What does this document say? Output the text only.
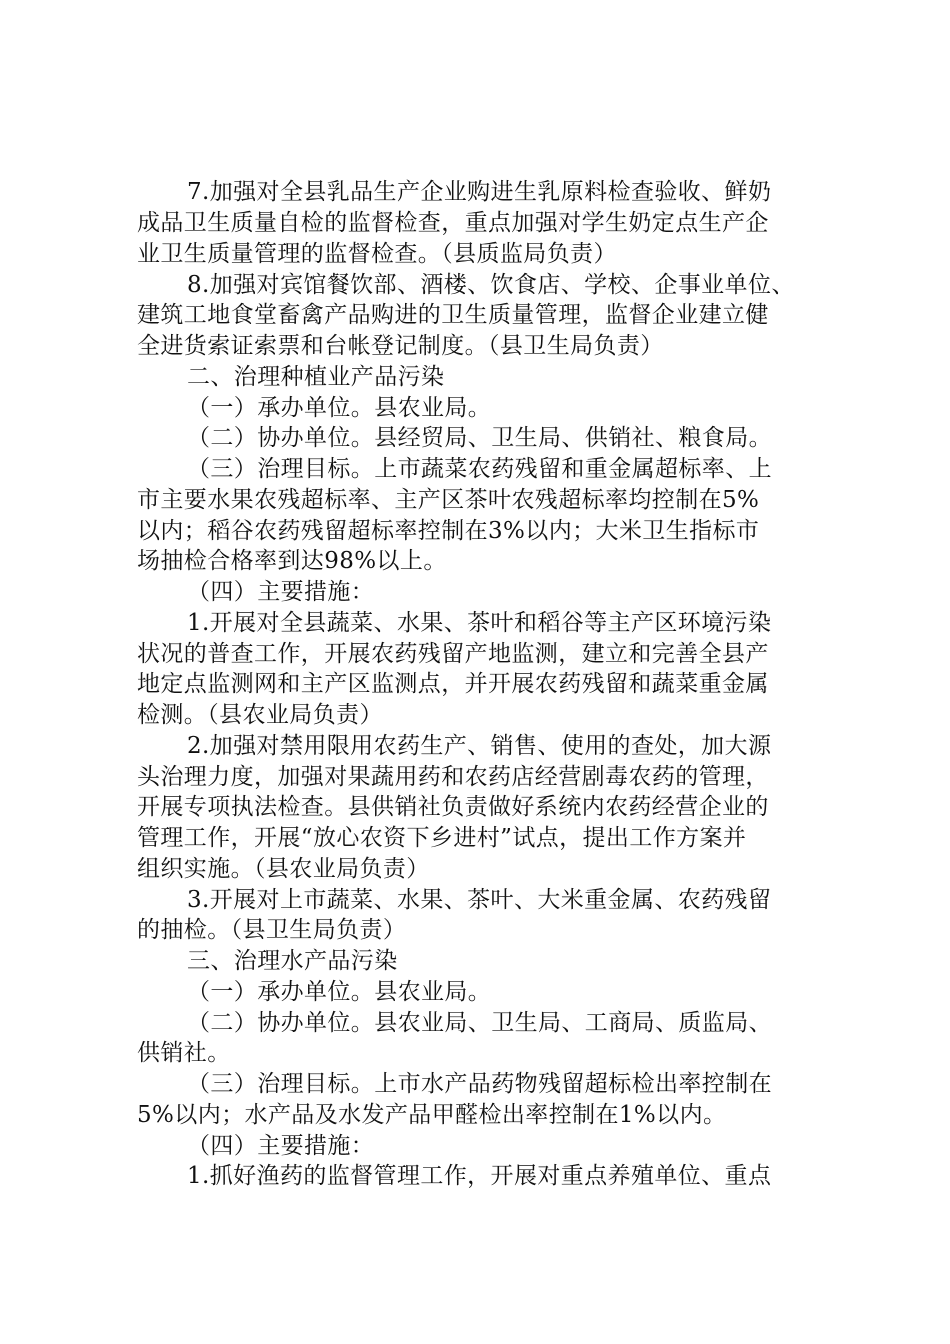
7.加强对全县乳品生产企业购进生乳原料检查验收、鲜奶
成品卫生质量自检的监督检查，重点加强对学生奶定点生产企
业卫生质量管理的监督检查。（县质监局负责）
8.加强对宾馆餐饮部、酒楼、饮食店、学校、企事业单位、
建筑工地食堂畜禽产品购进的卫生质量管理，监督企业建立健
全进货索证索票和台帐登记制度。（县卫生局负责）
二、治理种植业产品污染
（一）承办单位。县农业局。
（二）协办单位。县经贸局、卫生局、供销社、粮食局。
（三）治理目标。上市蔬菜农药残留和重金属超标率、上
市主要水果农残超标率、主产区茶叶农残超标率均控制在5%
以内；稻谷农药残留超标率控制在3%以内；大米卫生指标市
场抽检合格率到达98%以上。
（四）主要措施：
1.开展对全县蔬菜、水果、茶叶和稻谷等主产区环境污染
状况的普查工作，开展农药残留产地监测，建立和完善全县产
地定点监测网和主产区监测点，并开展农药残留和蔬菜重金属
检测。（县农业局负责）
2.加强对禁用限用农药生产、销售、使用的查处，加大源
头治理力度，加强对果蔬用药和农药店经营剧毒农药的管理，
开展专项执法检查。县供销社负责做好系统内农药经营企业的
管理工作，开展“放心农资下乡进村”试点，提出工作方案并
组织实施。（县农业局负责）
3.开展对上市蔬菜、水果、茶叶、大米重金属、农药残留
的抽检。（县卫生局负责）
三、治理水产品污染
（一）承办单位。县农业局。
（二）协办单位。县农业局、卫生局、工商局、质监局、
供销社。
（三）治理目标。上市水产品药物残留超标检出率控制在
5%以内；水产品及水发产品甲醛检出率控制在1%以内。
（四）主要措施：
1.抓好渔药的监督管理工作，开展对重点养殖单位、重点
